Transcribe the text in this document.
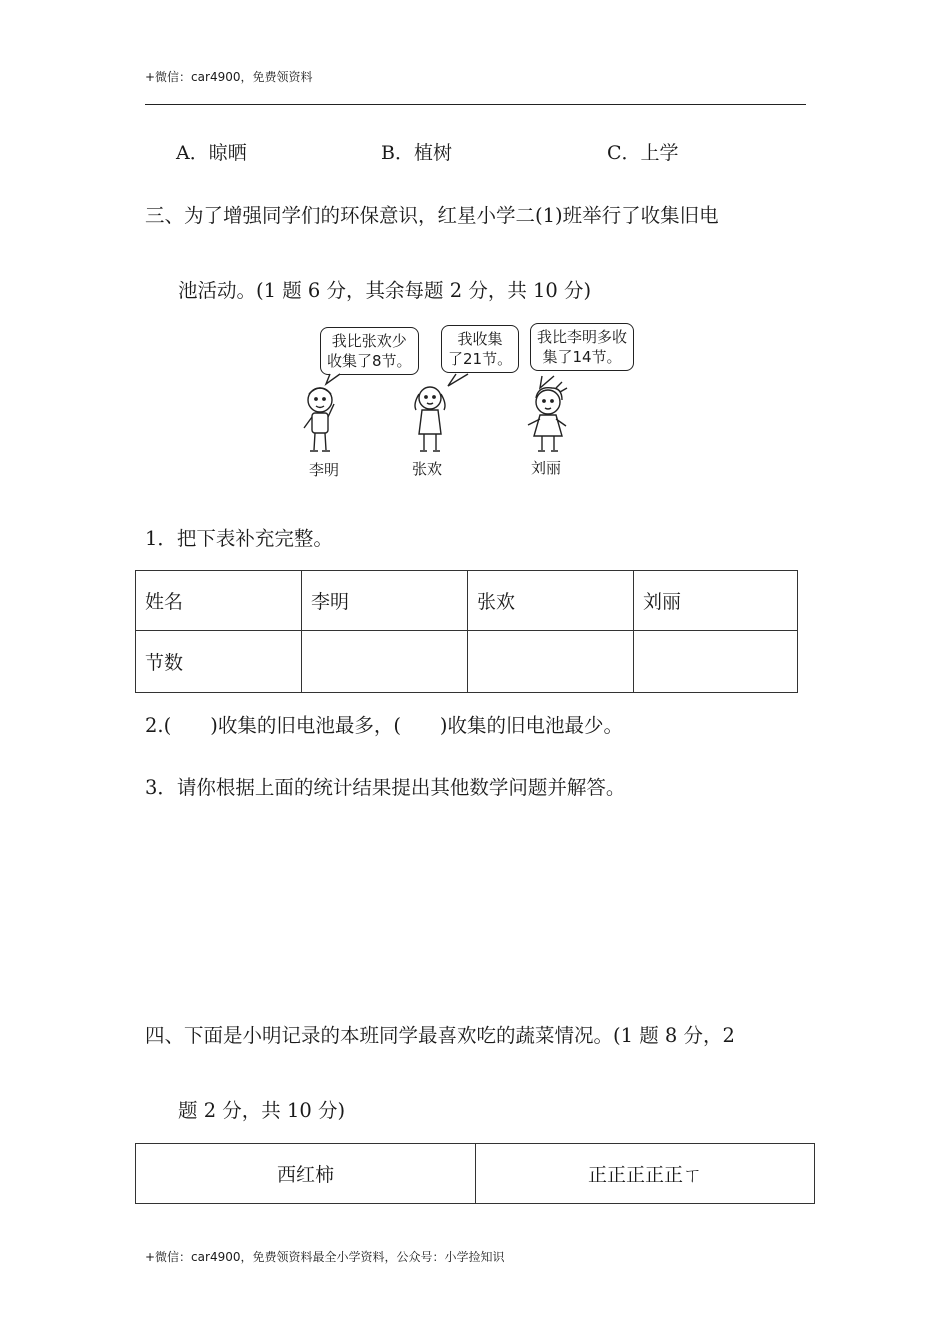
+微信：car4900，免费领资料
A．晾晒	B．植树	C．上学
三、为了增强同学们的环保意识，红星小学二(1)班举行了收集旧电
池活动。(1 题 6 分，其余每题 2 分，共 10 分)
我比张欢少
收集了8节。
我收集
了21节。
我比李明多收
集了14节。
李明	张欢	刘丽
1．把下表补充完整。
姓名	李明	张欢	刘丽
节数			
2.(　　)收集的旧电池最多，(　　)收集的旧电池最少。
3．请你根据上面的统计结果提出其他数学问题并解答。
四、下面是小明记录的本班同学最喜欢吃的蔬菜情况。(1 题 8 分，2
题 2 分，共 10 分)
西红柿	正正正正正ㄒ
+微信：car4900，免费领资料最全小学资料，公众号：小学捡知识
